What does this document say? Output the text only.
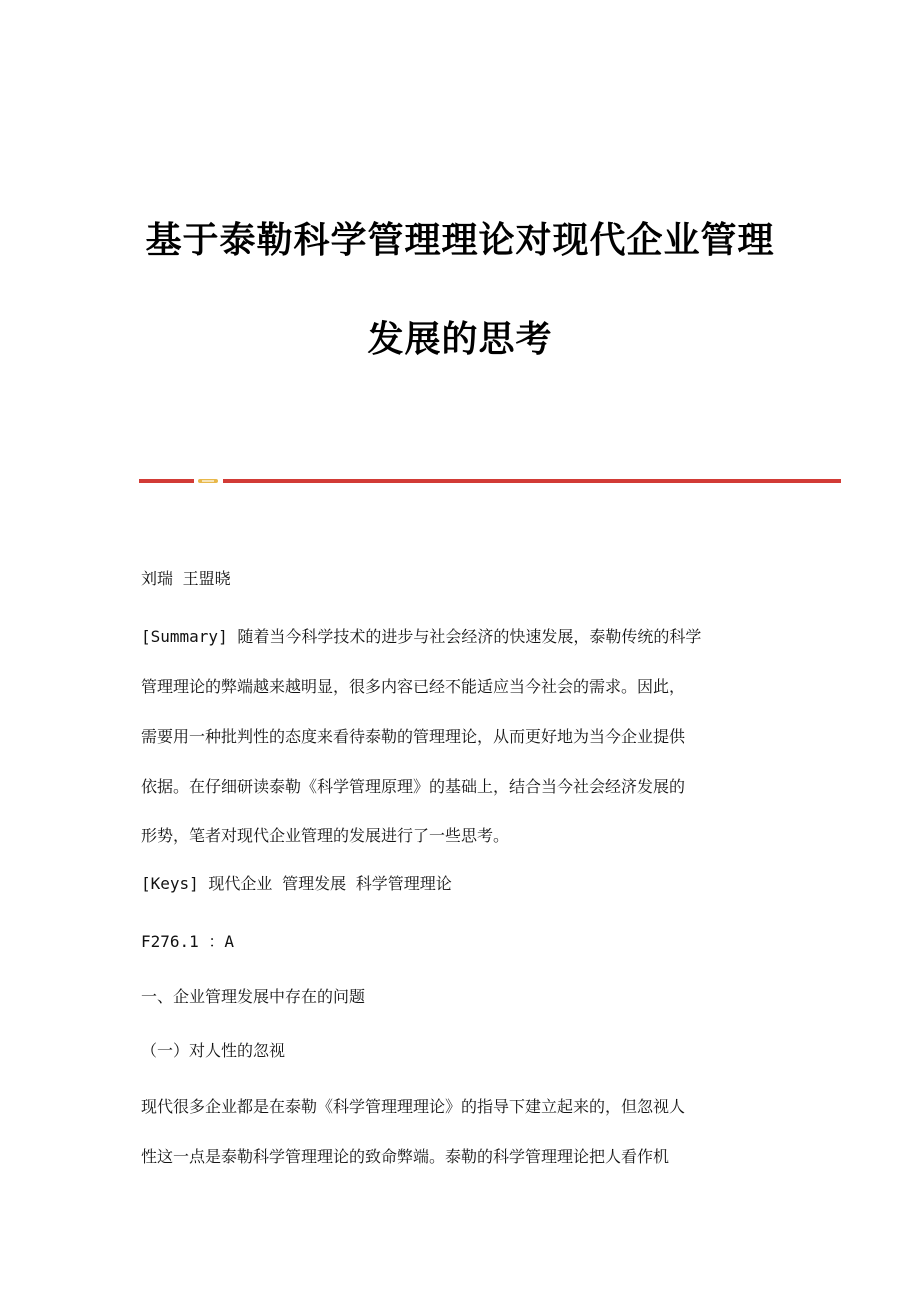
基于泰勒科学管理理论对现代企业管理
发展的思考
刘瑞 王盟晓
[Summary] 随着当今科学技术的进步与社会经济的快速发展，泰勒传统的科学
管理理论的弊端越来越明显，很多内容已经不能适应当今社会的需求。因此，
需要用一种批判性的态度来看待泰勒的管理理论，从而更好地为当今企业提供
依据。在仔细研读泰勒《科学管理原理》的基础上，结合当今社会经济发展的
形势，笔者对现代企业管理的发展进行了一些思考。
[Keys] 现代企业 管理发展 科学管理理论
F276.1 ：A
一、企业管理发展中存在的问题
（一）对人性的忽视
现代很多企业都是在泰勒《科学管理理理论》的指导下建立起来的，但忽视人
性这一点是泰勒科学管理理论的致命弊端。泰勒的科学管理理论把人看作机
